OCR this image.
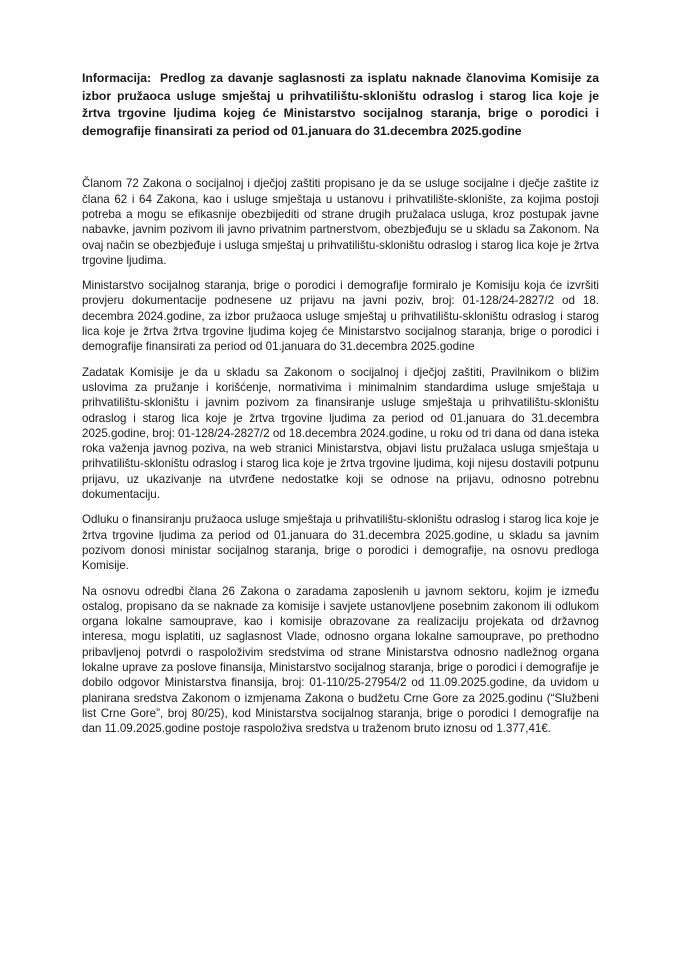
Informacija: Predlog za davanje saglasnosti za isplatu naknade članovima Komisije za izbor pružaoca usluge smještaj u prihvatilištu-skloništu odraslog i starog lica koje je žrtva trgovine ljudima kojeg će Ministarstvo socijalnog staranja, brige o porodici i demografije finansirati za period od 01.januara do 31.decembra 2025.godine

Članom 72 Zakona o socijalnoj i dječjoj zaštiti propisano je da se usluge socijalne i dječje zaštite iz člana 62 i 64 Zakona, kao i usluge smještaja u ustanovu i prihvatilište-sklonište, za kojima postoji potreba a mogu se efikasnije obezbijediti od strane drugih pružalaca usluga, kroz postupak javne nabavke, javnim pozivom ili javno privatnim partnerstvom, obezbjeđuju se u skladu sa Zakonom. Na ovaj način se obezbjeđuje i usluga smještaj u prihvatilištu-skloništu odraslog i starog lica koje je žrtva trgovine ljudima.

Ministarstvo socijalnog staranja, brige o porodici i demografije formiralo je Komisiju koja će izvršiti provjeru dokumentacije podnesene uz prijavu na javni poziv, broj: 01-128/24-2827/2 od 18. decembra 2024.godine, za izbor pružaoca usluge smještaj u prihvatilištu-skloništu odraslog i starog lica koje je žrtva žrtva trgovine ljudima kojeg će Ministarstvo socijalnog staranja, brige o porodici i demografije finansirati za period od 01.januara do 31.decembra 2025.godine

Zadatak Komisije je da u skladu sa Zakonom o socijalnoj i dječjoj zaštiti, Pravilnikom o bližim uslovima za pružanje i korišćenje, normativima i minimalnim standardima usluge smještaja u prihvatilištu-skloništu i javnim pozivom za finansiranje usluge smještaja u prihvatilištu-skloništu odraslog i starog lica koje je žrtva trgovine ljudima za period od 01.januara do 31.decembra 2025.godine, broj: 01-128/24-2827/2 od 18.decembra 2024.godine, u roku od tri dana od dana isteka roka važenja javnog poziva, na web stranici Ministarstva, objavi listu pružalaca usluga smještaja u prihvatilištu-skloništu odraslog i starog lica koje je žrtva trgovine ljudima, koji nijesu dostavili potpunu prijavu, uz ukazivanje na utvrđene nedostatke koji se odnose na prijavu, odnosno potrebnu dokumentaciju.

Odluku o finansiranju pružaoca usluge smještaja u prihvatilištu-skloništu odraslog i starog lica koje je žrtva trgovine ljudima za period od 01.januara do 31.decembra 2025.godine, u skladu sa javnim pozivom donosi ministar socijalnog staranja, brige o porodici i demografije, na osnovu predloga Komisije.

Na osnovu odredbi člana 26 Zakona o zaradama zaposlenih u javnom sektoru, kojim je između ostalog, propisano da se naknade za komisije i savjete ustanovljene posebnim zakonom ili odlukom organa lokalne samouprave, kao i komisije obrazovane za realizaciju projekata od državnog interesa, mogu isplatiti, uz saglasnost Vlade, odnosno organa lokalne samouprave, po prethodno pribavljenoj potvrdi o raspoloživim sredstvima od strane Ministarstva odnosno nadležnog organa lokalne uprave za poslove finansija, Ministarstvo socijalnog staranja, brige o porodici i demografije je dobilo odgovor Ministarstva finansija, broj: 01-110/25-27954/2 od 11.09.2025.godine, da uvidom u planirana sredstva Zakonom o izmjenama Zakona o budžetu Crne Gore za 2025.godinu (“Službeni list Crne Gore”, broj 80/25), kod Ministarstva socijalnog staranja, brige o porodici I demografije na dan 11.09.2025.godine postoje raspoloživa sredstva u traženom bruto iznosu od 1.377,41€.
